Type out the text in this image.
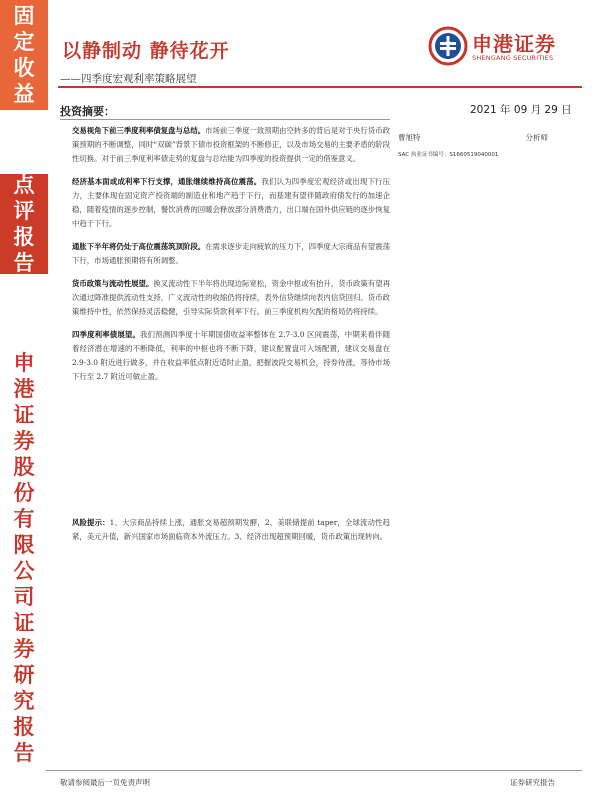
固
定
收
益
点
评
报
告
申
港
证
券
股
份
有
限
公
司
证
券
研
究
报
告
以静制动 静待花开
——四季度宏观利率策略展望
申港证券
SHENGANG SECURITIES
2021 年 09 月 29 日
曹旭特	分析师
SAC 执业证书编号：S1660519040001
投资摘要：

交易视角下前三季度利率债复盘与总结。市场前三季度一致预期由空转多的背后是对于央行货币政策预期的不断调整，同时“双碳”背景下债市投资框架的不断修正，以及市场交易的主要矛盾的阶段性切换。对于前三季度利率债走势的复盘与总结能为四季度的投资提供一定的借鉴意义。

经济基本面或成利率下行支撑，通胀继续维持高位震荡。我们认为四季度宏观经济或出现下行压力，主要体现在固定资产投资端的制造业和地产趋于下行，而基建有望伴随政府债发行的加速企稳，随着疫情的逐步控制，餐饮消费的回暖会释放部分消费潜力，出口端在国外供应链的逐步恢复中趋于下行。

通胀下半年将仍处于高位震荡筑顶阶段。在需求逐步走向疲软的压力下，四季度大宗商品有望震荡下行，市场通胀预期将有所调整。

货币政策与流动性展望。换叉流动性下半年将出现边际宽松，资金中枢或有抬升，货币政策有望再次通过降准提供流动性支持，广义流动性的收缩仍将持续，表外信贷继续向表内信贷回归。货币政策维持中性，依然保持灵活稳健，引导实际贷款利率下行。前三季度机构欠配的格局仍将持续。

四季度利率债展望。我们预测四季度十年期国债收益率整体在 2.7-3.0 区间震荡，中期来看伴随着经济潜在增速的不断降低，利率的中枢也将不断下降，建议配置盘可入场配置，建议交易盘在 2.9-3.0 附近进行做多，并在收益率低点附近适时止盈，把握波段交易机会，持券待涨，等待市场下行至 2.7 附近可做止盈。

风险提示：1、大宗商品持续上涨，通胀交易超预期发酵，2、美联储提前 taper，全球流动性趋紧，美元升值，新兴国家市场面临资本外流压力。3、经济出现超预期回暖，货币政策出现转向。

敬请参阅最后一页免责声明	证券研究报告
